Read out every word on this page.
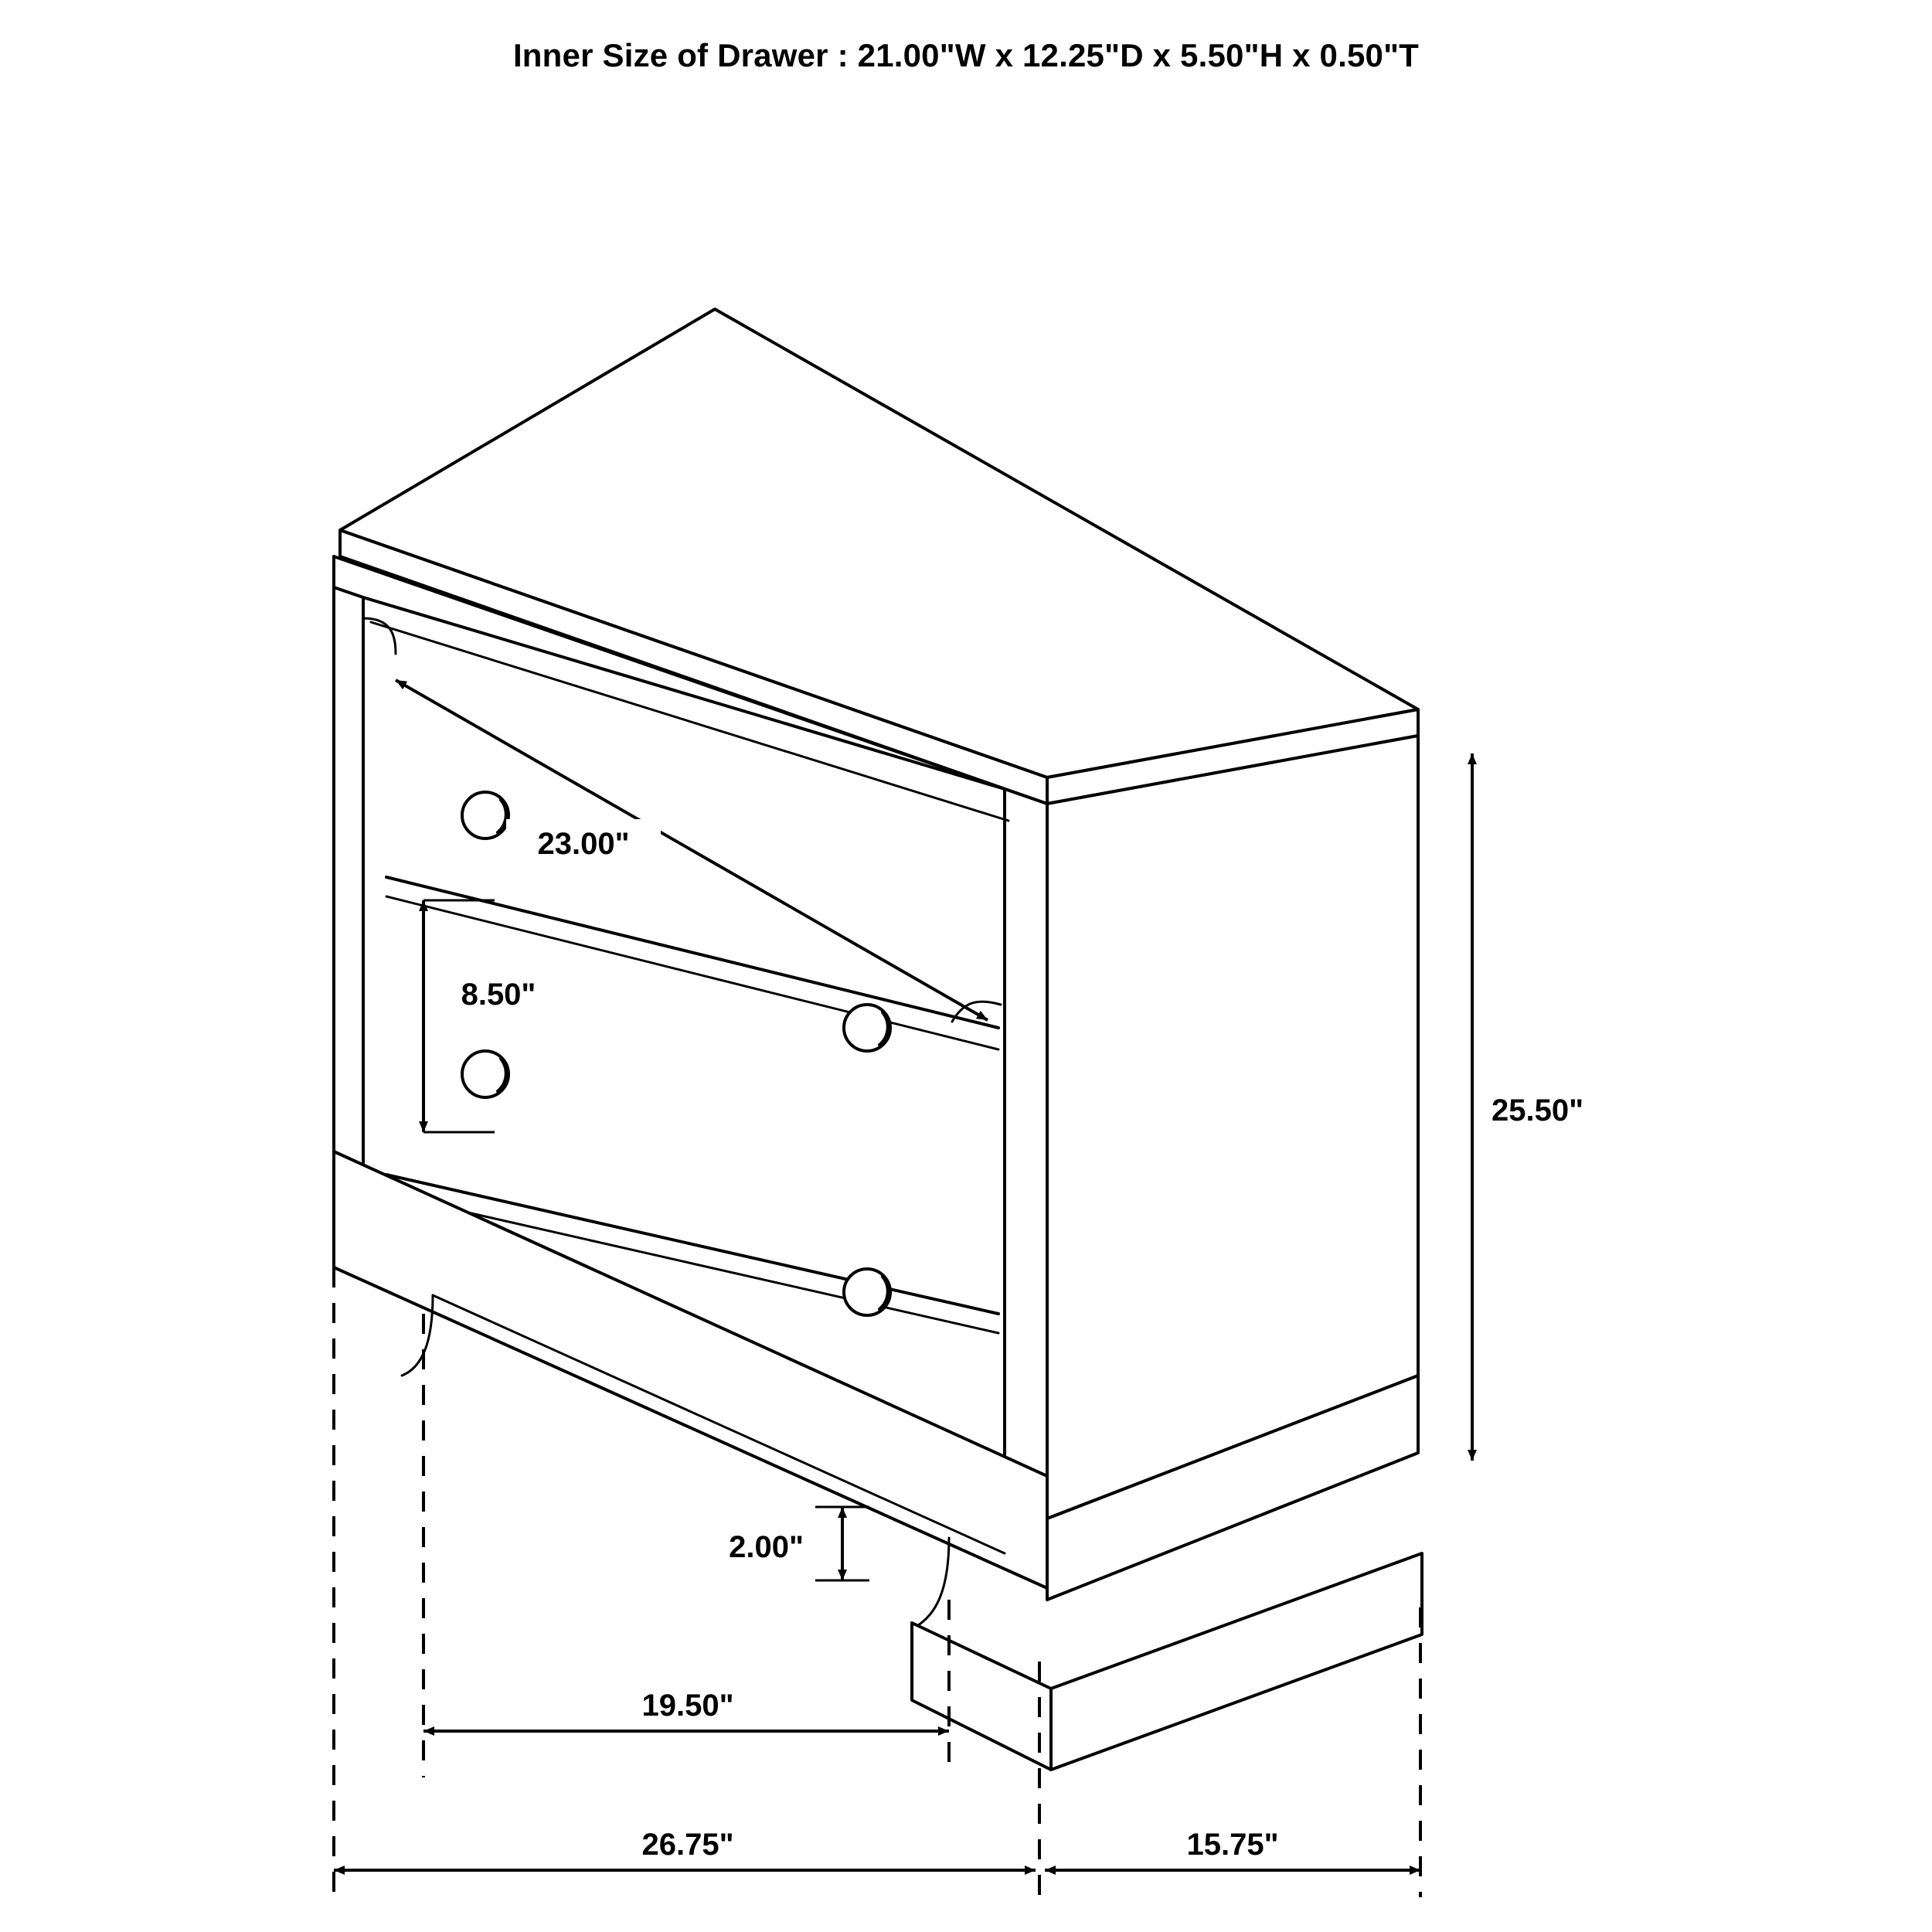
Inner Size of Drawer : 21.00"W x 12.25"D x 5.50"H x 0.50"T
23.00"
8.50"
25.50"
2.00"
19.50"
26.75"	15.75"
